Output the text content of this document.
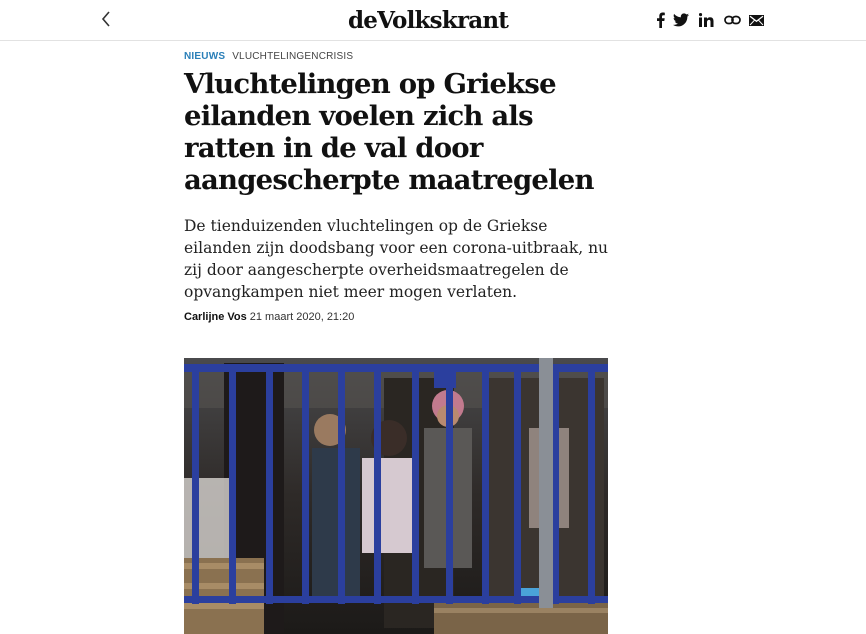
deVolkskrant
NIEUWS VLUCHTELINGENCRISIS
Vluchtelingen op Griekse eilanden voelen zich als ratten in de val door aangescherpte maatregelen

De tienduizenden vluchtelingen op de Griekse eilanden zijn doodsbang voor een corona-uitbraak, nu zij door aangescherpte overheidsmaatregelen de opvangkampen niet meer mogen verlaten.

Carlijne Vos 21 maart 2020, 21:20
